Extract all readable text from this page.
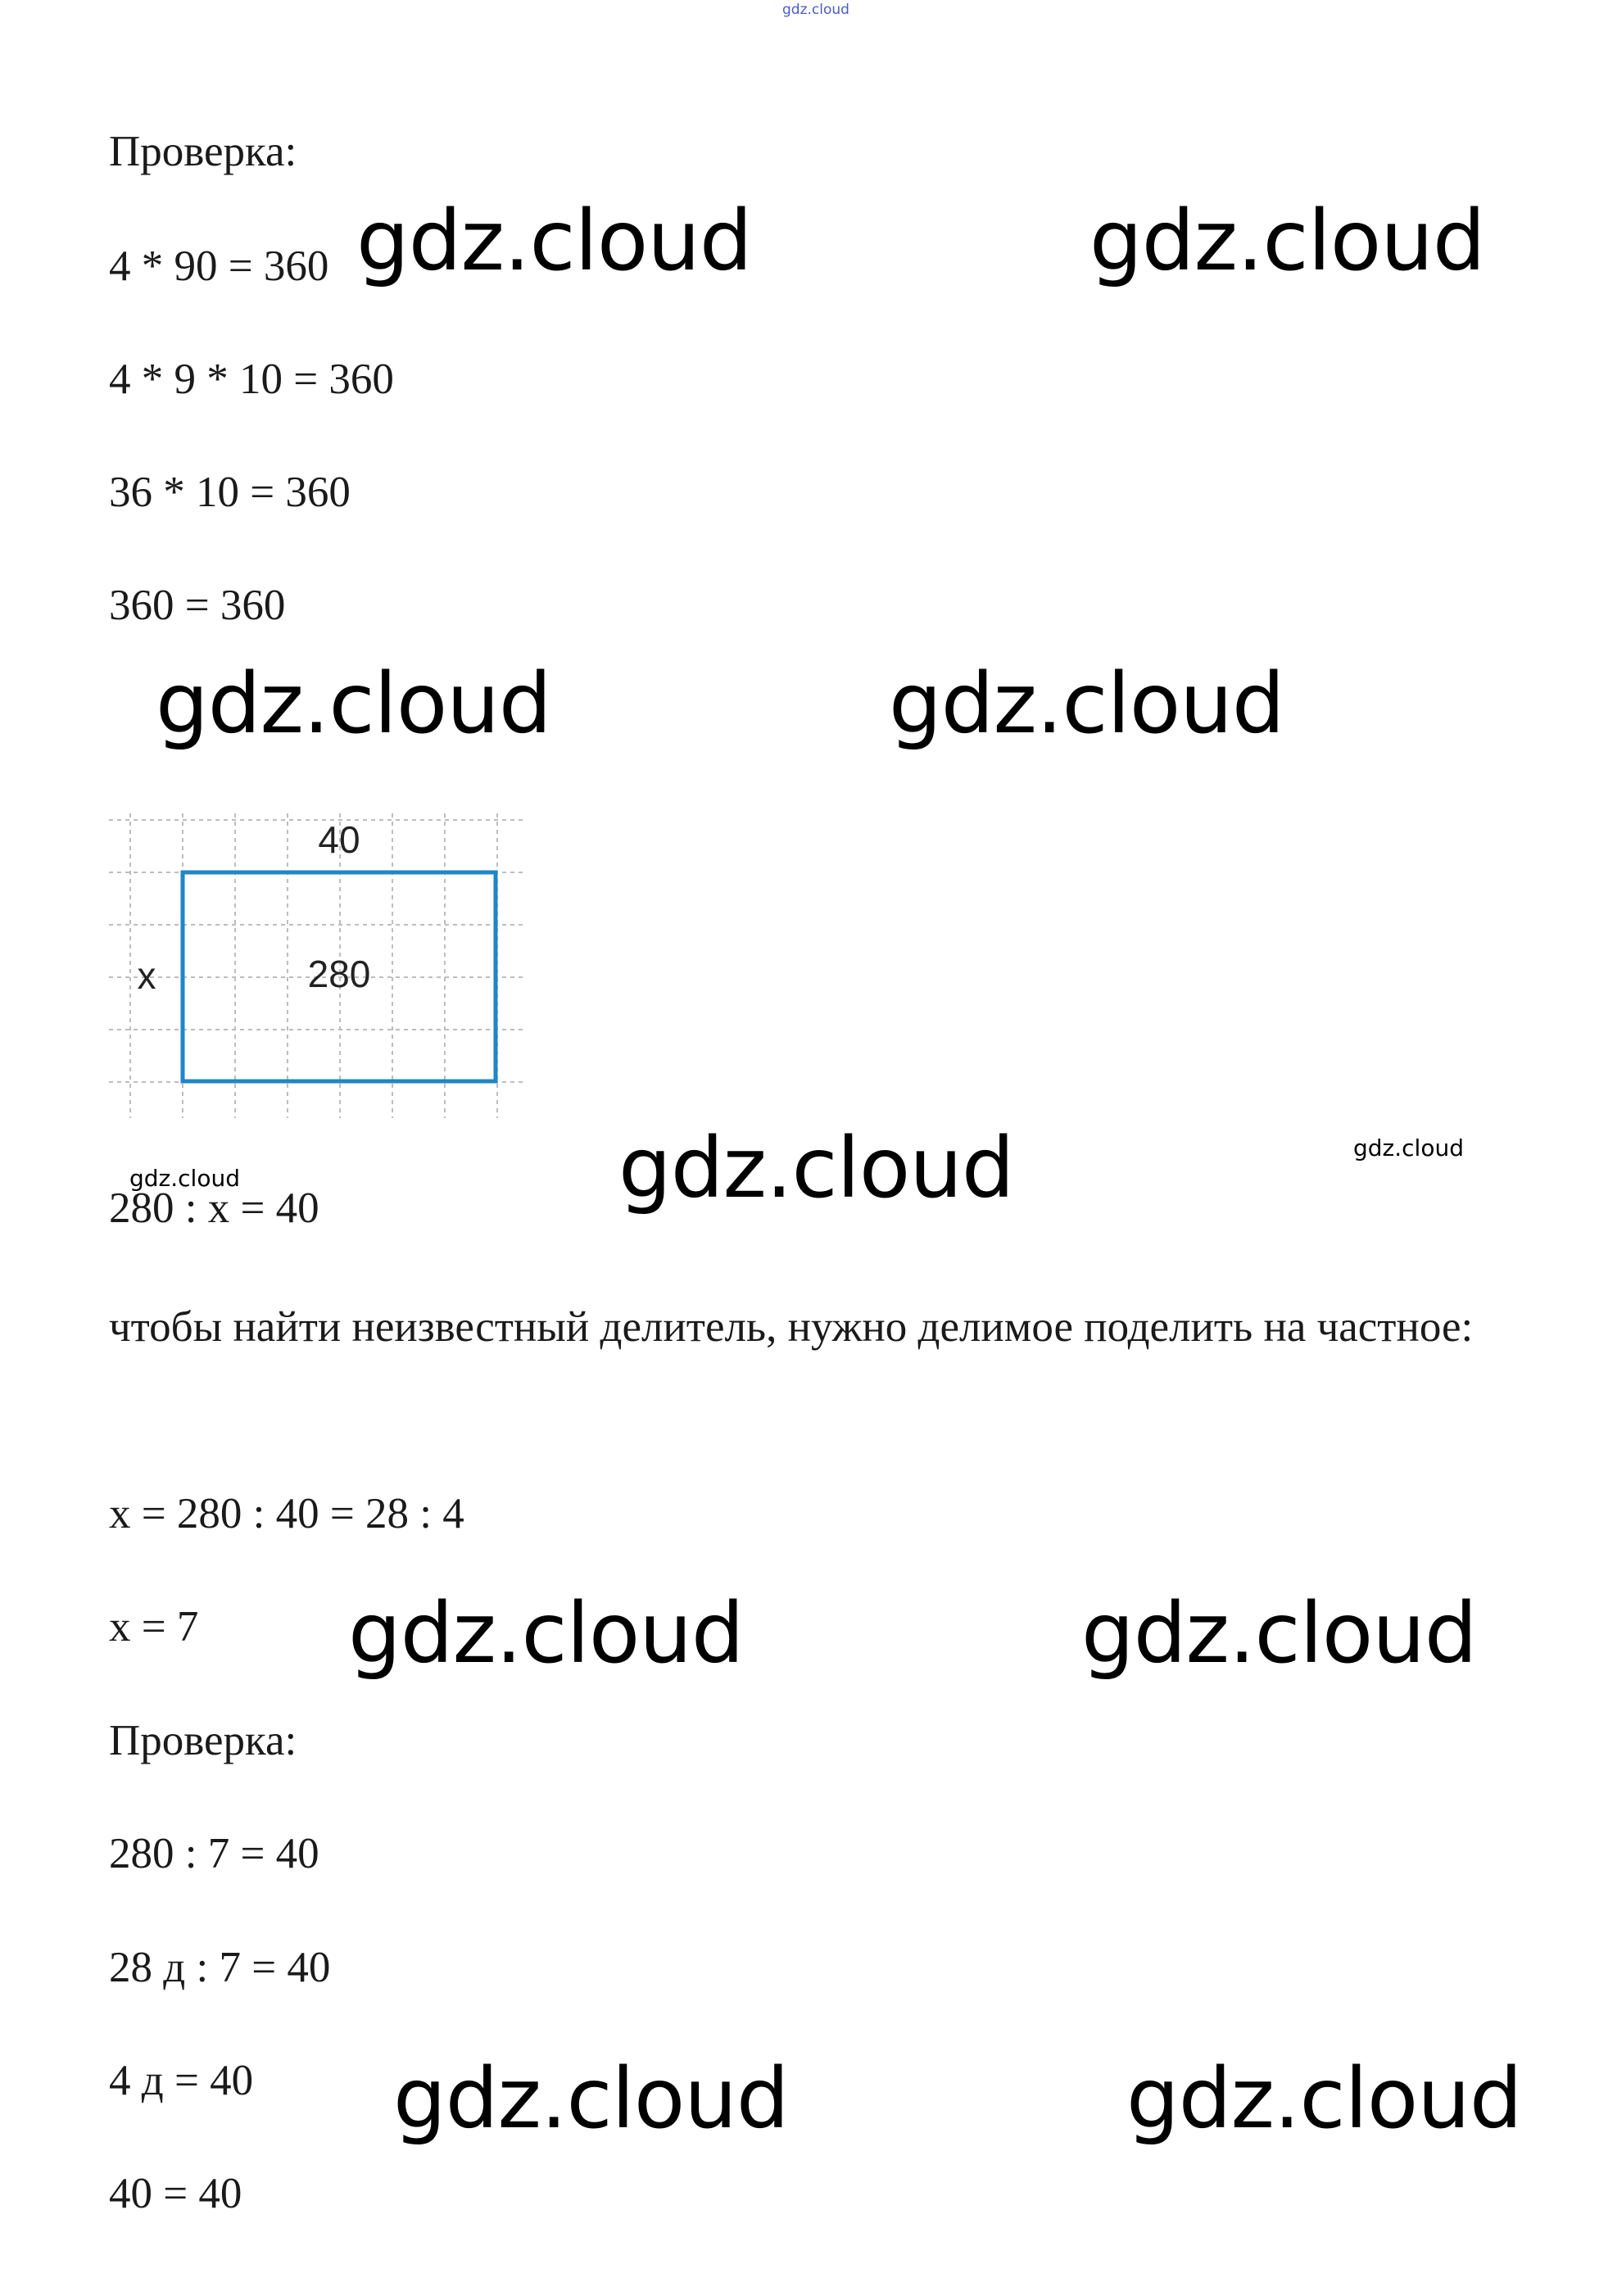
gdz.cloud
Проверка:
4 * 90 = 360
4 * 9 * 10 = 360
36 * 10 = 360
360 = 360
40
x	280
280 : x = 40
чтобы найти неизвестный делитель, нужно делимое поделить на частное:
x = 280 : 40 = 28 : 4
x = 7
Проверка:
280 : 7 = 40
28 д : 7 = 40
4 д = 40
40 = 40
gdz.cloud	gdz.cloud
gdz.cloud	gdz.cloud
gdz.cloud
gdz.cloud	gdz.cloud
gdz.cloud	gdz.cloud
gdz.cloud
gdz.cloud
